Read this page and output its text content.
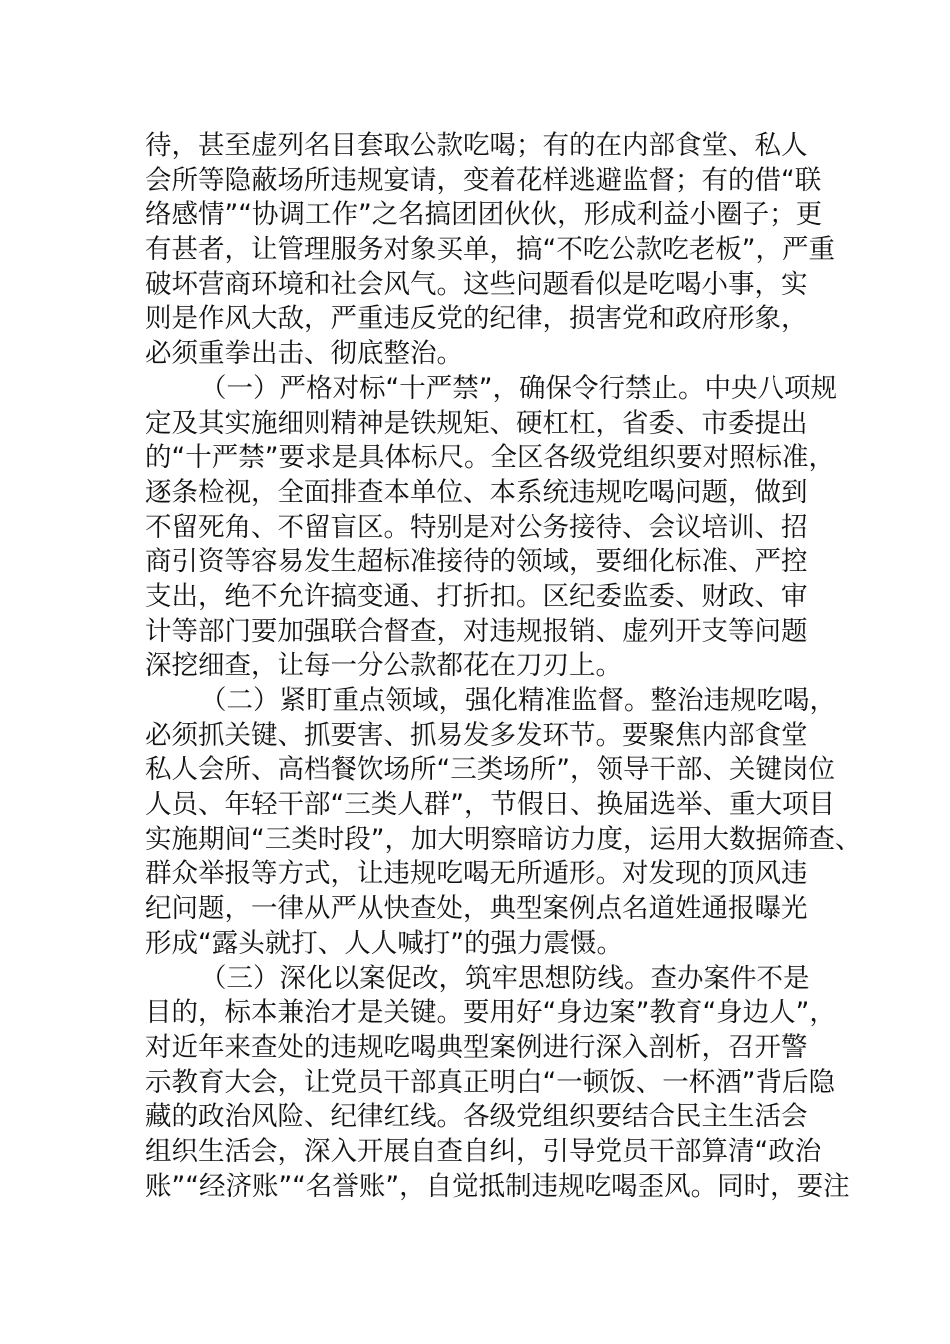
待，甚至虚列名目套取公款吃喝；有的在内部食堂、私人
会所等隐蔽场所违规宴请，变着花样逃避监督；有的借“联
络感情”“协调工作”之名搞团团伙伙，形成利益小圈子；更
有甚者，让管理服务对象买单，搞“不吃公款吃老板”，严重
破坏营商环境和社会风气。这些问题看似是吃喝小事，实
则是作风大敌，严重违反党的纪律，损害党和政府形象，
必须重拳出击、彻底整治。
（一）严格对标“十严禁”，确保令行禁止。中央八项规
定及其实施细则精神是铁规矩、硬杠杠，省委、市委提出
的“十严禁”要求是具体标尺。全区各级党组织要对照标准，
逐条检视，全面排查本单位、本系统违规吃喝问题，做到
不留死角、不留盲区。特别是对公务接待、会议培训、招
商引资等容易发生超标准接待的领域，要细化标准、严控
支出，绝不允许搞变通、打折扣。区纪委监委、财政、审
计等部门要加强联合督查，对违规报销、虚列开支等问题
深挖细查，让每一分公款都花在刀刃上。
（二）紧盯重点领域，强化精准监督。整治违规吃喝，
必须抓关键、抓要害、抓易发多发环节。要聚焦内部食堂
私人会所、高档餐饮场所“三类场所”，领导干部、关键岗位
人员、年轻干部“三类人群”，节假日、换届选举、重大项目
实施期间“三类时段”，加大明察暗访力度，运用大数据筛查、
群众举报等方式，让违规吃喝无所遁形。对发现的顶风违
纪问题，一律从严从快查处，典型案例点名道姓通报曝光
形成“露头就打、人人喊打”的强力震慑。
（三）深化以案促改，筑牢思想防线。查办案件不是
目的，标本兼治才是关键。要用好“身边案”教育“身边人”，
对近年来查处的违规吃喝典型案例进行深入剖析，召开警
示教育大会，让党员干部真正明白“一顿饭、一杯酒”背后隐
藏的政治风险、纪律红线。各级党组织要结合民主生活会
组织生活会，深入开展自查自纠，引导党员干部算清“政治
账”“经济账”“名誉账”，自觉抵制违规吃喝歪风。同时，要注
